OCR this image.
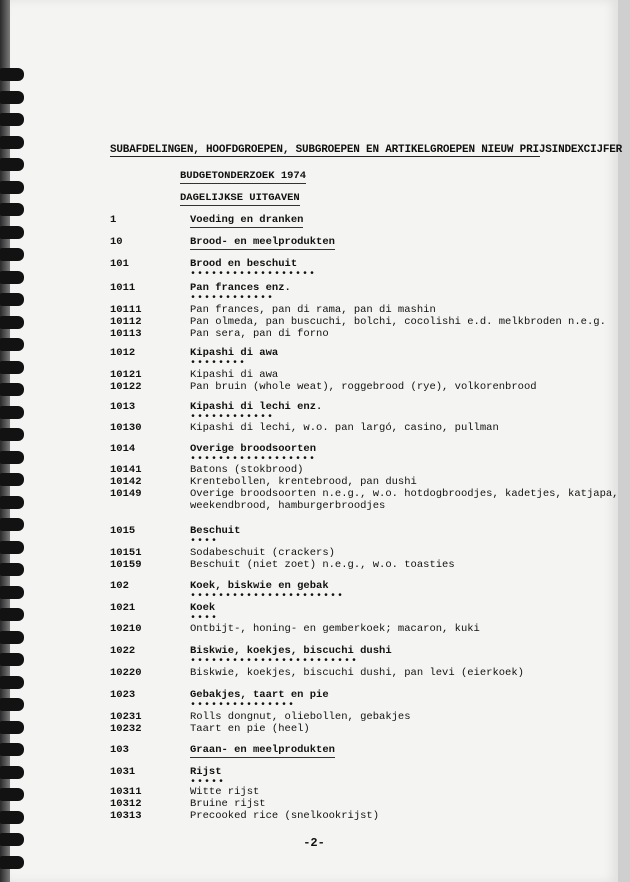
SUBAFDELINGEN, HOOFDGROEPEN, SUBGROEPEN EN ARTIKELGROEPEN NIEUW PRIJSINDEXCIJFER
BUDGETONDERZOEK 1974
DAGELIJKSE UITGAVEN
1	Voeding en dranken
10	Brood- en meelprodukten
101	Brood en beschuit
••••••••••••••••••
1011	Pan frances enz.
••••••••••••
10111	Pan frances, pan di rama, pan di mashin
10112	Pan olmeda, pan buscuchi, bolchi, cocolishi e.d. melkbroden n.e.g.
10113	Pan sera, pan di forno
1012	Kipashi di awa
••••••••
10121	Kipashi di awa
10122	Pan bruin (whole weat), roggebrood (rye), volkorenbrood
1013	Kipashi di lechi enz.
••••••••••••
10130	Kipashi di lechi, w.o. pan largó, casino, pullman
1014	Overige broodsoorten
••••••••••••••••••
10141	Batons (stokbrood)
10142	Krentebollen, krentebrood, pan dushi
10149	Overige broodsoorten n.e.g., w.o. hotdogbroodjes, kadetjes, katjapa,
weekendbrood, hamburgerbroodjes
1015	Beschuit
••••
10151	Sodabeschuit (crackers)
10159	Beschuit (niet zoet) n.e.g., w.o. toasties
102	Koek, biskwie en gebak
••••••••••••••••••••••
1021	Koek
••••
10210	Ontbijt-, honing- en gemberkoek; macaron, kuki
1022	Biskwie, koekjes, biscuchi dushi
••••••••••••••••••••••••
10220	Biskwie, koekjes, biscuchi dushi, pan levi (eierkoek)
1023	Gebakjes, taart en pie
•••••••••••••••
10231	Rolls dongnut, oliebollen, gebakjes
10232	Taart en pie (heel)
103	Graan- en meelprodukten
1031	Rijst
•••••
10311	Witte rijst
10312	Bruine rijst
10313	Precooked rice (snelkookrijst)
-2-
